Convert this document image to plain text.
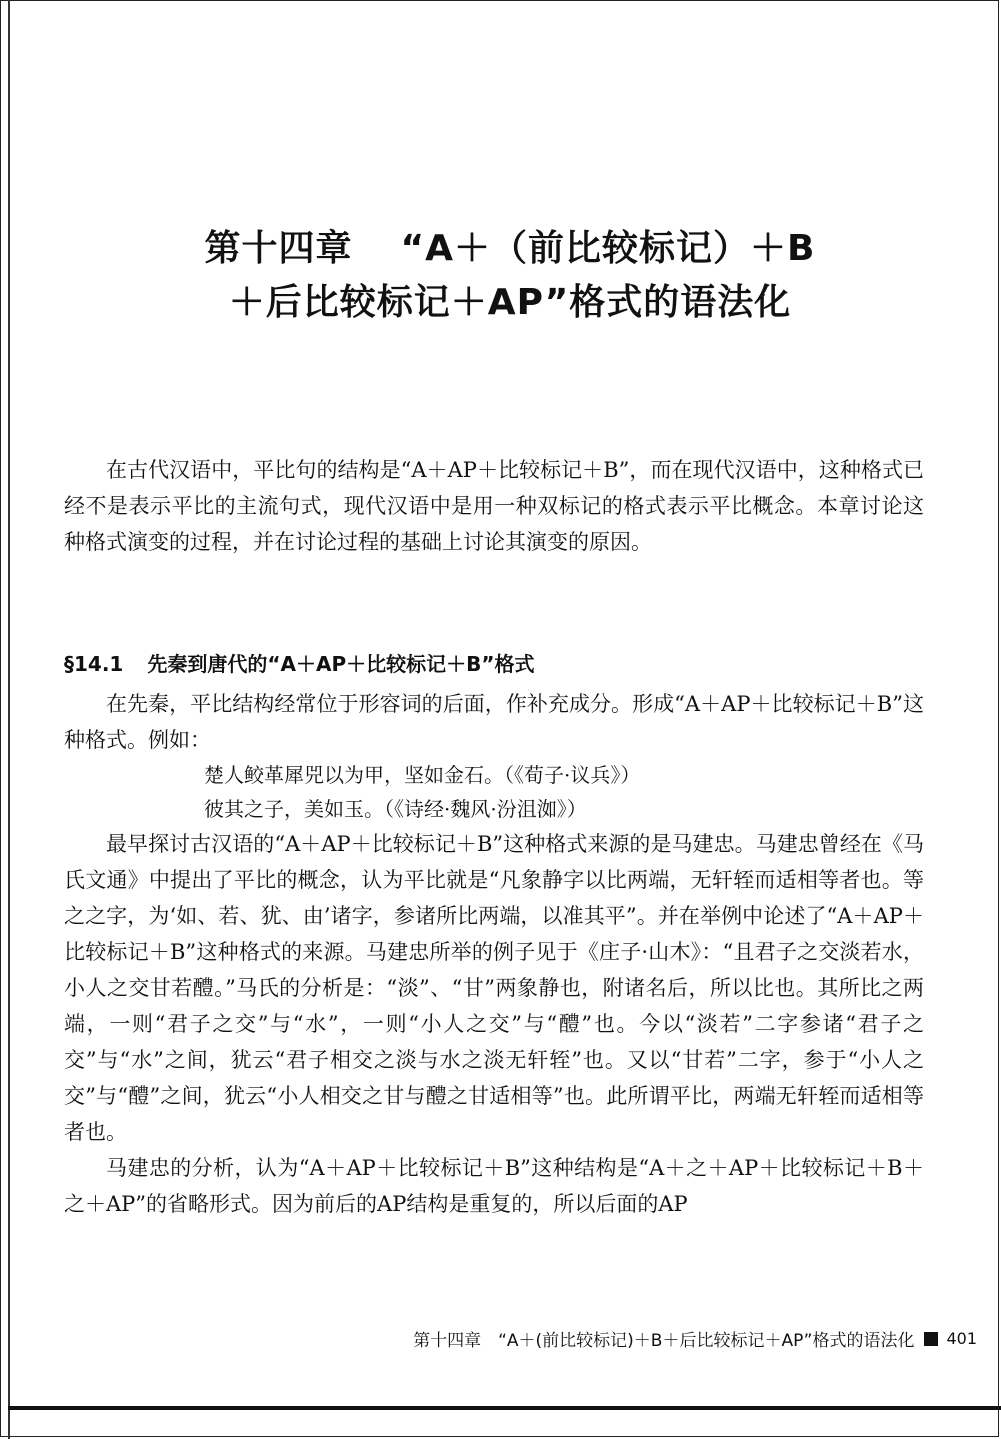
第十四章 “A＋（前比较标记）＋B
＋后比较标记＋AP”格式的语法化

在古代汉语中，平比句的结构是“A＋AP＋比较标记＋B”，而在现代汉语中，这种格式已经不是表示平比的主流句式，现代汉语中是用一种双标记的格式表示平比概念。本章讨论这种格式演变的过程，并在讨论过程的基础上讨论其演变的原因。

§14.1 先秦到唐代的“A＋AP＋比较标记＋B”格式

在先秦，平比结构经常位于形容词的后面，作补充成分。形成“A＋AP＋比较标记＋B”这种格式。例如：

楚人鲛革犀兕以为甲，坚如金石。（《荀子·议兵》）

彼其之子，美如玉。（《诗经·魏风·汾沮洳》）

最早探讨古汉语的“A＋AP＋比较标记＋B”这种格式来源的是马建忠。马建忠曾经在《马氏文通》中提出了平比的概念，认为平比就是“凡象静字以比两端，无轩轾而适相等者也。等之之字，为‘如、若、犹、由’诸字，参诸所比两端，以准其平”。并在举例中论述了“A＋AP＋比较标记＋B”这种格式的来源。马建忠所举的例子见于《庄子·山木》：“且君子之交淡若水，小人之交甘若醴。”马氏的分析是：“淡”、“甘”两象静也，附诸名后，所以比也。其所比之两端，一则“君子之交”与“水”，一则“小人之交”与“醴”也。今以“淡若”二字参诸“君子之交”与“水”之间，犹云“君子相交之淡与水之淡无轩轾”也。又以“甘若”二字，参于“小人之交”与“醴”之间，犹云“小人相交之甘与醴之甘适相等”也。此所谓平比，两端无轩轾而适相等者也。

马建忠的分析，认为“A＋AP＋比较标记＋B”这种结构是“A＋之＋AP＋比较标记＋B＋之＋AP”的省略形式。因为前后的AP结构是重复的，所以后面的AP

第十四章　“A＋(前比较标记)＋B＋后比较标记＋AP”格式的语法化 401
